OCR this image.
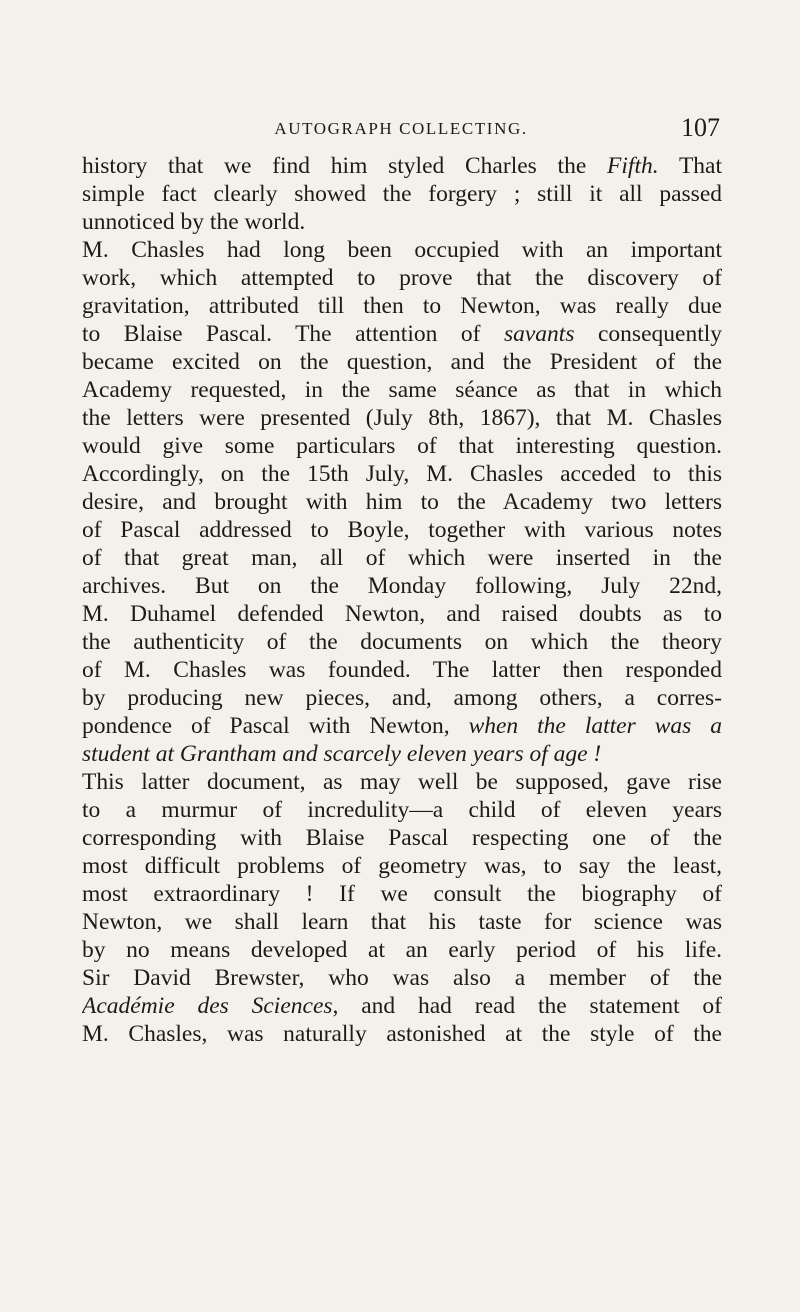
AUTOGRAPH COLLECTING.	107
history that we find him styled Charles the Fifth. That
simple fact clearly showed the forgery ; still it all passed
unnoticed by the world.
M. Chasles had long been occupied with an important
work, which attempted to prove that the discovery of
gravitation, attributed till then to Newton, was really due
to Blaise Pascal. The attention of savants consequently
became excited on the question, and the President of the
Academy requested, in the same séance as that in which
the letters were presented (July 8th, 1867), that M. Chasles
would give some particulars of that interesting question.
Accordingly, on the 15th July, M. Chasles acceded to this
desire, and brought with him to the Academy two letters
of Pascal addressed to Boyle, together with various notes
of that great man, all of which were inserted in the
archives. But on the Monday following, July 22nd,
M. Duhamel defended Newton, and raised doubts as to
the authenticity of the documents on which the theory
of M. Chasles was founded. The latter then responded
by producing new pieces, and, among others, a corres-
pondence of Pascal with Newton, when the latter was a
student at Grantham and scarcely eleven years of age !
This latter document, as may well be supposed, gave rise
to a murmur of incredulity—a child of eleven years
corresponding with Blaise Pascal respecting one of the
most difficult problems of geometry was, to say the least,
most extraordinary ! If we consult the biography of
Newton, we shall learn that his taste for science was
by no means developed at an early period of his life.
Sir David Brewster, who was also a member of the
Académie des Sciences, and had read the statement of
M. Chasles, was naturally astonished at the style of the
